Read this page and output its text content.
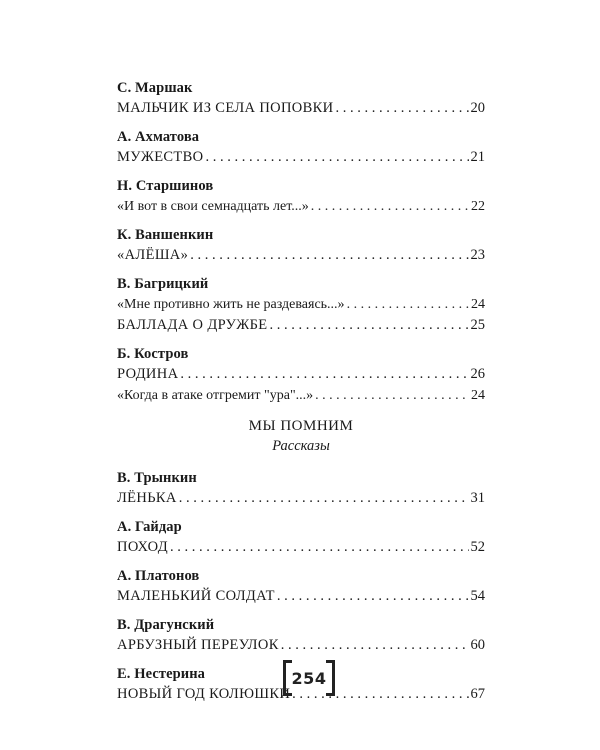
С. Маршак
МАЛЬЧИК ИЗ СЕЛА ПОПОВКИ . . .	20
А. Ахматова
МУЖЕСТВО . . .	21
Н. Старшинов
«И вот в свои семнадцать лет...» . . .	22
К. Ваншенкин
«АЛЁША» . . .	23
В. Багрицкий
«Мне противно жить не раздеваясь...» . . .	24
БАЛЛАДА О ДРУЖБЕ . . .	25
Б. Костров
РОДИНА . . .	26
«Когда в атаке отгремит "ура"...» . . .	24
МЫ ПОМНИМ
Рассказы
В. Трынкин
ЛЁНЬКА . . .	31
А. Гайдар
ПОХОД . . .	52
А. Платонов
МАЛЕНЬКИЙ СОЛДАТ . . .	54
В. Драгунский
АРБУЗНЫЙ ПЕРЕУЛОК . . .	60
Е. Нестерина
НОВЫЙ ГОД КОЛЮШКИ . . .	67
254
